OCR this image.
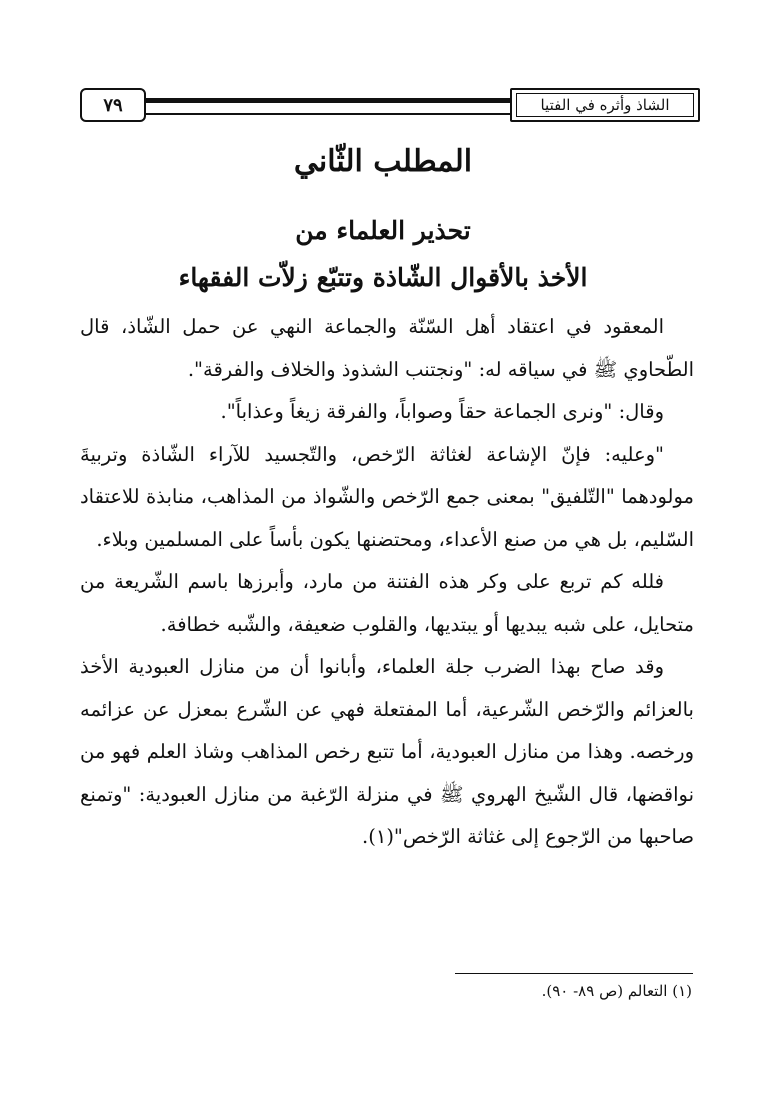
الشاذ وأثره في الفتيا
٧٩
المطلب الثّاني
تحذير العلماء من
الأخذ بالأقوال الشّاذة وتتبّع زلاّت الفقهاء

المعقود في اعتقاد أهل السّنّة والجماعة النهي عن حمل الشّاذ، قال الطّحاوي ﷺ في سياقه له: "ونجتنب الشذوذ والخلاف والفرقة".

وقال: "ونرى الجماعة حقاً وصواباً، والفرقة زيغاً وعذاباً".

"وعليه: فإنّ الإشاعة لغثاثة الرّخص، والتّجسيد للآراء الشّاذة وتربيةَ مولودهما "التّلفيق" بمعنى جمع الرّخص والشّواذ من المذاهب، منابذة للاعتقاد السّليم، بل هي من صنع الأعداء، ومحتضنها يكون بأساً على المسلمين وبلاء.

فلله كم تربع على وكر هذه الفتنة من مارد، وأبرزها باسم الشّريعة من متحايل، على شبه يبديها أو يبتديها، والقلوب ضعيفة، والشّبه خطافة.

وقد صاح بهذا الضرب جلة العلماء، وأبانوا أن من منازل العبودية الأخذ بالعزائم والرّخص الشّرعية، أما المفتعلة فهي عن الشّرع بمعزل عن عزائمه ورخصه. وهذا من منازل العبودية، أما تتبع رخص المذاهب وشاذ العلم فهو من نواقضها، قال الشّيخ الهروي ﷺ في منزلة الرّغبة من منازل العبودية: "وتمنع صاحبها من الرّجوع إلى غثاثة الرّخص"(١).

(١) التعالم (ص ٨٩- ٩٠).
